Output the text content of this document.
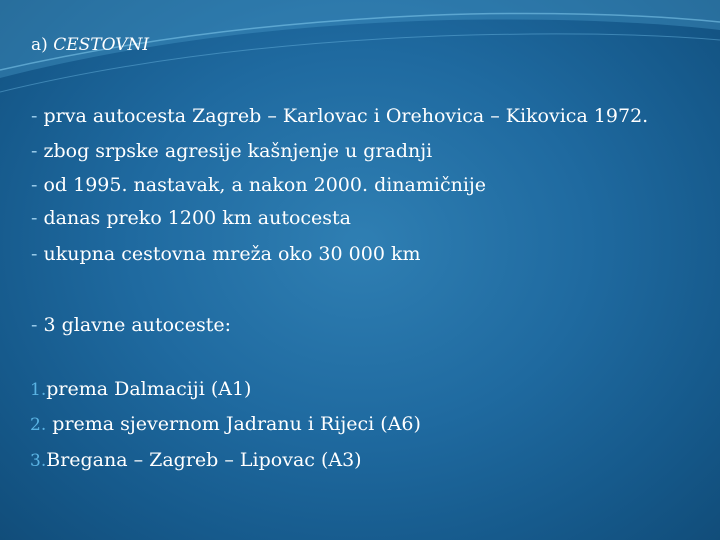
a) CESTOVNI
- prva autocesta Zagreb – Karlovac i Orehovica – Kikovica 1972.
- zbog srpske agresije kašnjenje u gradnji
- od 1995. nastavak, a nakon 2000. dinamičnije
- danas preko 1200 km autocesta
- ukupna cestovna mreža oko 30 000 km
- 3 glavne autoceste:
1.prema Dalmaciji (A1)
2. prema sjevernom Jadranu i Rijeci (A6)
3.Bregana – Zagreb – Lipovac (A3)
